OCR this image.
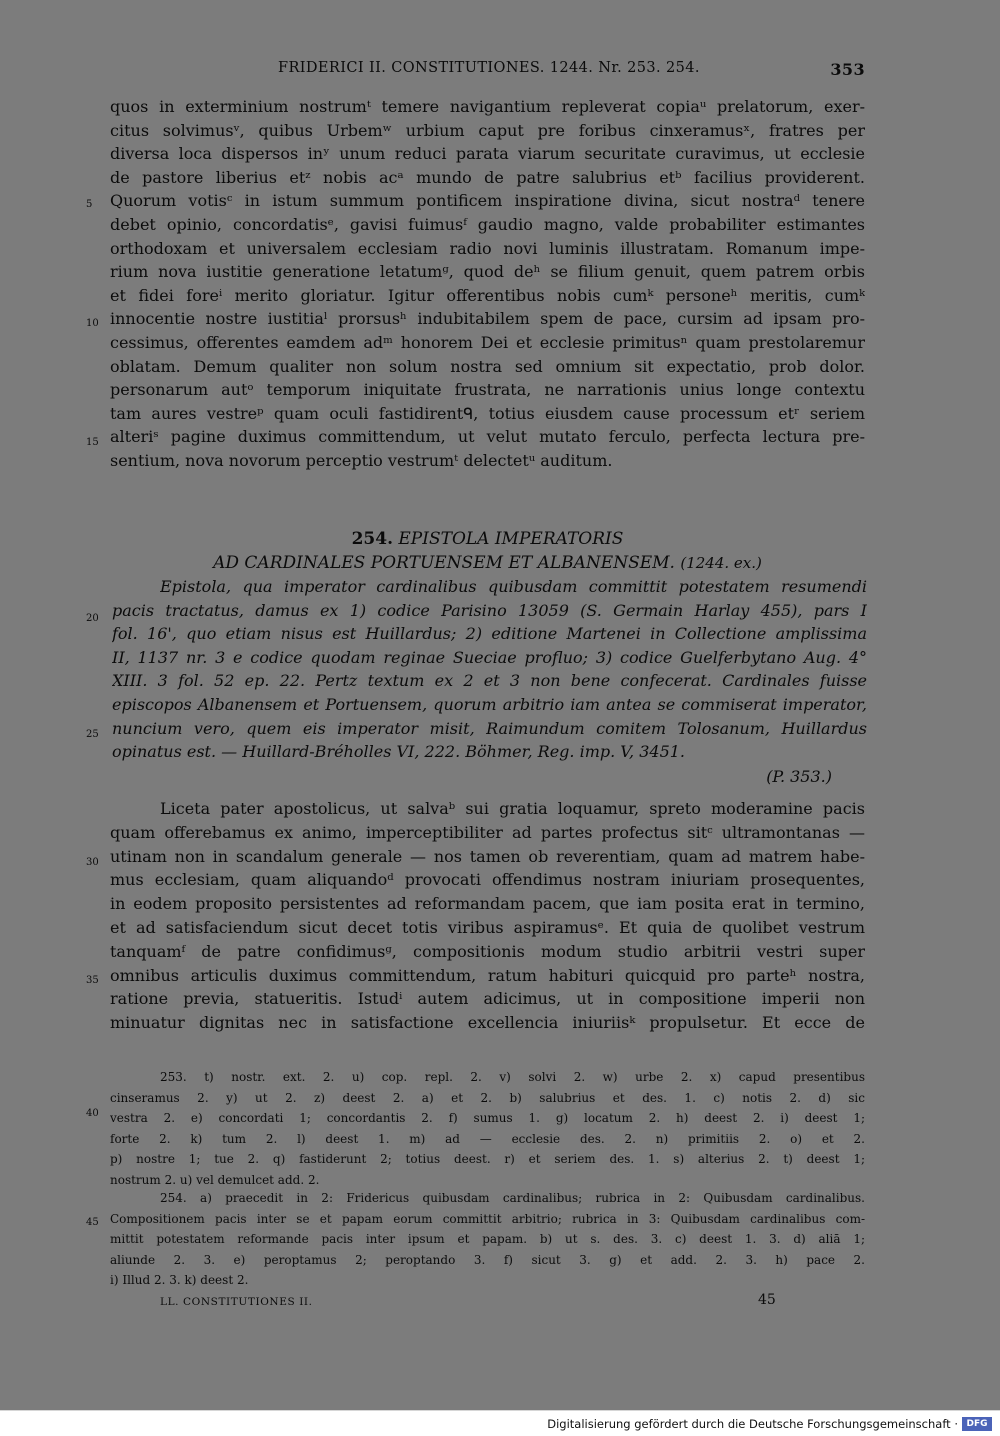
FRIDERICI II. CONSTITUTIONES. 1244. Nr. 253. 254.	353
5
10
15
20
25
30
35
40
45
quos in exterminium nostrumᵗ temere navigantium repleverat copiaᵘ prelatorum, exer-
citus solvimusᵛ, quibus Urbemʷ urbium caput pre foribus cinxeramusˣ, fratres per
diversa loca dispersos inʸ unum reduci parata viarum securitate curavimus, ut ecclesie
de pastore liberius etᶻ nobis acᵃ mundo de patre salubrius etᵇ facilius providerent.
Quorum votisᶜ in istum summum pontificem inspiratione divina, sicut nostraᵈ tenere
debet opinio, concordatisᵉ, gavisi fuimusᶠ gaudio magno, valde probabiliter estimantes
orthodoxam et universalem ecclesiam radio novi luminis illustratam. Romanum impe-
rium nova iustitie generatione letatumᵍ, quod deʰ se filium genuit, quem patrem orbis
et fidei foreⁱ merito gloriatur. Igitur offerentibus nobis cumᵏ personeʰ meritis, cumᵏ
innocentie nostre iustitiaˡ prorsusʰ indubitabilem spem de pace, cursim ad ipsam pro-
cessimus, offerentes eamdem adᵐ honorem Dei et ecclesie primitusⁿ quam prestolaremur
oblatam. Demum qualiter non solum nostra sed omnium sit expectatio, prob dolor.
personarum autᵒ temporum iniquitate frustrata, ne narrationis unius longe contextu
tam aures vestreᵖ quam oculi fastidirentᑫ, totius eiusdem cause processum etʳ seriem
alteriˢ pagine duximus committendum, ut velut mutato ferculo, perfecta lectura pre-
sentium, nova novorum perceptio vestrumᵗ delectetᵘ auditum.
254. EPISTOLA IMPERATORIS
AD CARDINALES PORTUENSEM ET ALBANENSEM. (1244. ex.)
Epistola, qua imperator cardinalibus quibusdam committit potestatem resumendi
pacis tractatus, damus ex 1) codice Parisino 13059 (S. Germain Harlay 455), pars I
fol. 16', quo etiam nisus est Huillardus; 2) editione Martenei in Collectione amplissima
II, 1137 nr. 3 e codice quodam reginae Sueciae profluo; 3) codice Guelferbytano Aug. 4°
XIII. 3 fol. 52 ep. 22. Pertz textum ex 2 et 3 non bene confecerat. Cardinales fuisse
episcopos Albanensem et Portuensem, quorum arbitrio iam antea se commiserat imperator,
nuncium vero, quem eis imperator misit, Raimundum comitem Tolosanum, Huillardus
opinatus est. — Huillard-Bréholles VI, 222. Böhmer, Reg. imp. V, 3451.
(P. 353.)
Liceta pater apostolicus, ut salvaᵇ sui gratia loquamur, spreto moderamine pacis
quam offerebamus ex animo, imperceptibiliter ad partes profectus sitᶜ ultramontanas —
utinam non in scandalum generale — nos tamen ob reverentiam, quam ad matrem habe-
mus ecclesiam, quam aliquandoᵈ provocati offendimus nostram iniuriam prosequentes,
in eodem proposito persistentes ad reformandam pacem, que iam posita erat in termino,
et ad satisfaciendum sicut decet totis viribus aspiramusᵉ. Et quia de quolibet vestrum
tanquamᶠ de patre confidimusᵍ, compositionis modum studio arbitrii vestri super
omnibus articulis duximus committendum, ratum habituri quicquid pro parteʰ nostra,
ratione previa, statueritis. Istudⁱ autem adicimus, ut in compositione imperii non
minuatur dignitas nec in satisfactione excellencia iniuriisᵏ propulsetur. Et ecce de
253. t) nostr. ext. 2. u) cop. repl. 2. v) solvi 2. w) urbe 2. x) capud presentibus
cinseramus 2. y) ut 2. z) deest 2. a) et 2. b) salubrius et des. 1. c) notis 2. d) sic
vestra 2. e) concordati 1; concordantis 2. f) sumus 1. g) locatum 2. h) deest 2. i) deest 1;
forte 2. k) tum 2. l) deest 1. m) ad — ecclesie des. 2. n) primitiis 2. o) et 2.
p) nostre 1; tue 2. q) fastiderunt 2; totius deest. r) et seriem des. 1. s) alterius 2. t) deest 1;
nostrum 2. u) vel demulcet add. 2.
254. a) praecedit in 2: Fridericus quibusdam cardinalibus; rubrica in 2: Quibusdam cardinalibus.
Compositionem pacis inter se et papam eorum committit arbitrio; rubrica in 3: Quibusdam cardinalibus com-
mittit potestatem reformande pacis inter ipsum et papam. b) ut s. des. 3. c) deest 1. 3. d) aliā 1;
aliunde 2. 3. e) peroptamus 2; peroptando 3. f) sicut 3. g) et add. 2. 3. h) pace 2.
i) Illud 2. 3. k) deest 2.
LL. CONSTITUTIONES II.	45
Digitalisierung gefördert durch die Deutsche Forschungsgemeinschaft · DFG
